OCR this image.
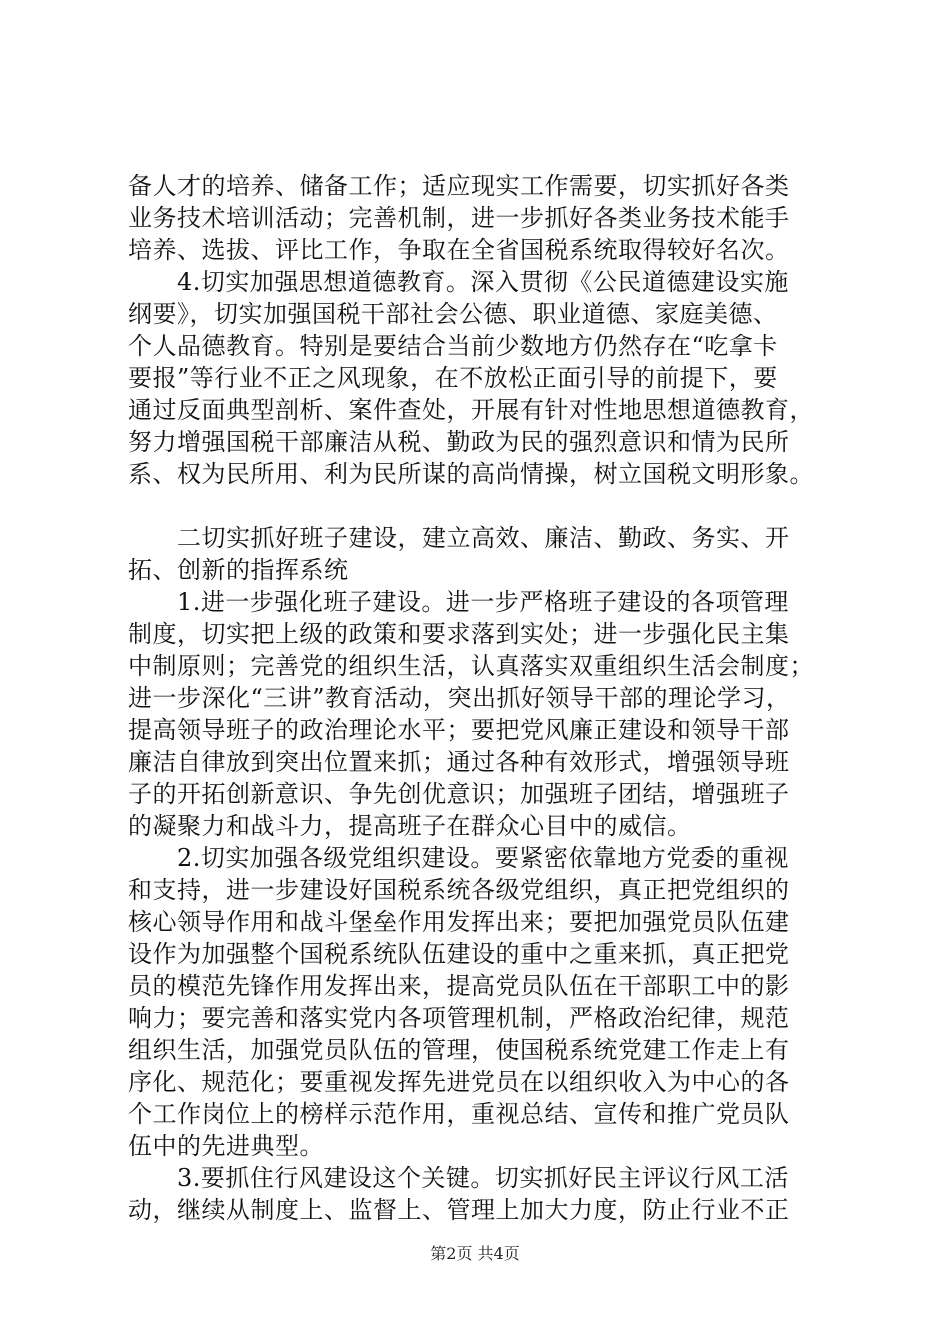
备人才的培养、储备工作；适应现实工作需要，切实抓好各类
业务技术培训活动；完善机制，进一步抓好各类业务技术能手
培养、选拔、评比工作，争取在全省国税系统取得较好名次。
　　4.切实加强思想道德教育。深入贯彻《公民道德建设实施
纲要》，切实加强国税干部社会公德、职业道德、家庭美德、
个人品德教育。特别是要结合当前少数地方仍然存在“吃拿卡
要报”等行业不正之风现象，在不放松正面引导的前提下，要
通过反面典型剖析、案件查处，开展有针对性地思想道德教育，
努力增强国税干部廉洁从税、勤政为民的强烈意识和情为民所
系、权为民所用、利为民所谋的高尚情操，树立国税文明形象。
　　二切实抓好班子建设，建立高效、廉洁、勤政、务实、开
拓、创新的指挥系统
　　1.进一步强化班子建设。进一步严格班子建设的各项管理
制度，切实把上级的政策和要求落到实处；进一步强化民主集
中制原则；完善党的组织生活，认真落实双重组织生活会制度；
进一步深化“三讲”教育活动，突出抓好领导干部的理论学习，
提高领导班子的政治理论水平；要把党风廉正建设和领导干部
廉洁自律放到突出位置来抓；通过各种有效形式，增强领导班
子的开拓创新意识、争先创优意识；加强班子团结，增强班子
的凝聚力和战斗力，提高班子在群众心目中的威信。
　　2.切实加强各级党组织建设。要紧密依靠地方党委的重视
和支持，进一步建设好国税系统各级党组织，真正把党组织的
核心领导作用和战斗堡垒作用发挥出来；要把加强党员队伍建
设作为加强整个国税系统队伍建设的重中之重来抓，真正把党
员的模范先锋作用发挥出来，提高党员队伍在干部职工中的影
响力；要完善和落实党内各项管理机制，严格政治纪律，规范
组织生活，加强党员队伍的管理，使国税系统党建工作走上有
序化、规范化；要重视发挥先进党员在以组织收入为中心的各
个工作岗位上的榜样示范作用，重视总结、宣传和推广党员队
伍中的先进典型。
　　3.要抓住行风建设这个关键。切实抓好民主评议行风工活
动，继续从制度上、监督上、管理上加大力度，防止行业不正
第2页 共4页
